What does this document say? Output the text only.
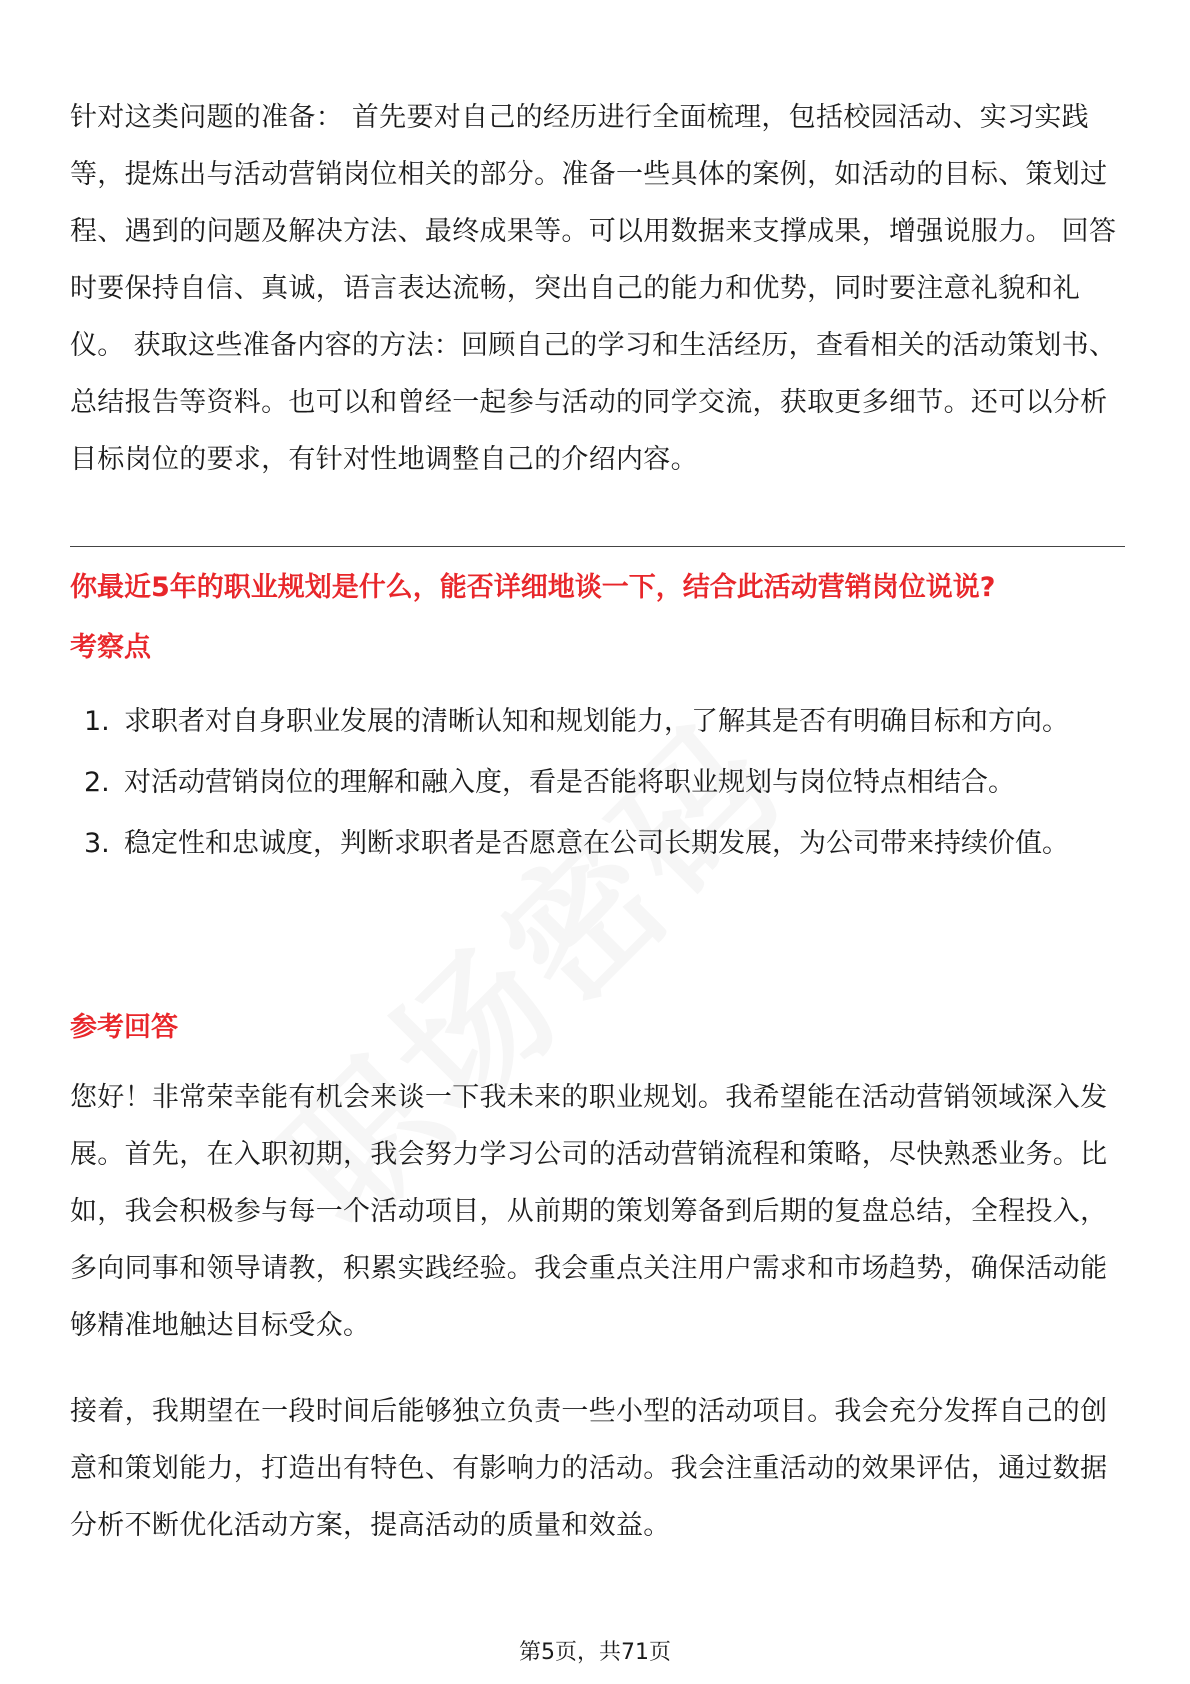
针对这类问题的准备： 首先要对自己的经历进行全面梳理，包括校园活动、实习实践等，提炼出与活动营销岗位相关的部分。准备一些具体的案例，如活动的目标、策划过程、遇到的问题及解决方法、最终成果等。可以用数据来支撑成果，增强说服力。 回答时要保持自信、真诚，语言表达流畅，突出自己的能力和优势，同时要注意礼貌和礼仪。 获取这些准备内容的方法：回顾自己的学习和生活经历，查看相关的活动策划书、总结报告等资料。也可以和曾经一起参与活动的同学交流，获取更多细节。还可以分析目标岗位的要求，有针对性地调整自己的介绍内容。

你最近5年的职业规划是什么，能否详细地谈一下，结合此活动营销岗位说说?
考察点
1. 求职者对自身职业发展的清晰认知和规划能力，了解其是否有明确目标和方向。
2. 对活动营销岗位的理解和融入度，看是否能将职业规划与岗位特点相结合。
3. 稳定性和忠诚度，判断求职者是否愿意在公司长期发展，为公司带来持续价值。
参考回答

您好！非常荣幸能有机会来谈一下我未来的职业规划。我希望能在活动营销领域深入发展。首先，在入职初期，我会努力学习公司的活动营销流程和策略，尽快熟悉业务。比如，我会积极参与每一个活动项目，从前期的策划筹备到后期的复盘总结，全程投入，多向同事和领导请教，积累实践经验。我会重点关注用户需求和市场趋势，确保活动能够精准地触达目标受众。

接着，我期望在一段时间后能够独立负责一些小型的活动项目。我会充分发挥自己的创意和策划能力，打造出有特色、有影响力的活动。我会注重活动的效果评估，通过数据分析不断优化活动方案，提高活动的质量和效益。

第5页，共71页
